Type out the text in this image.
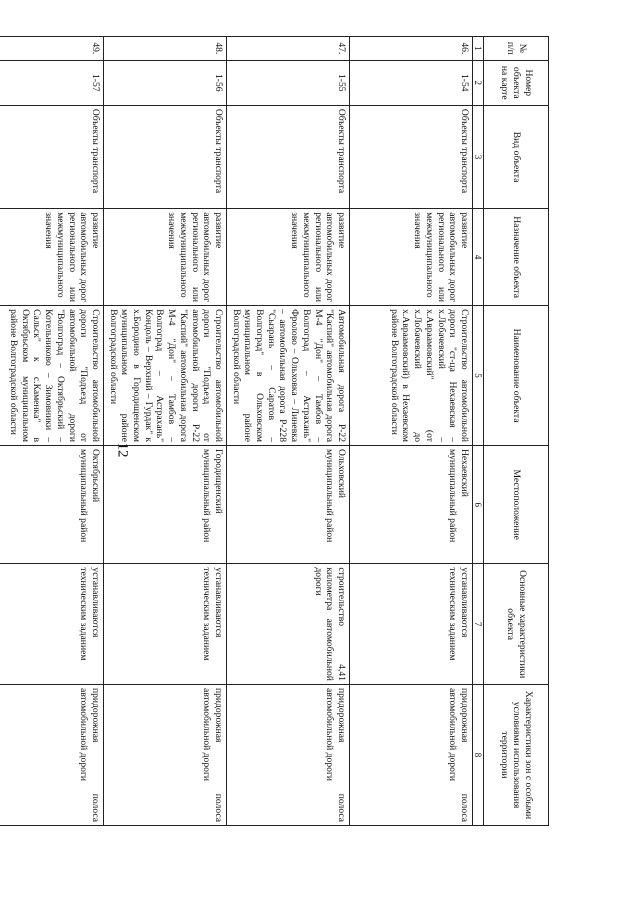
12
№ п/п	Номер объекта на карте	Вид объекта	Назначение объекта	Наименование объекта	Местоположение	Основные характеристики объекта	Характеристики зон с особыми условиями использования территории
1	2	3	4	5	6	7	8
46.	1-54	Объекты транспорта	развитие автомобильных дорог регионального или межмуниципального значения	Строительство автомобильной дороги "ст-ца Нехаевская – х.Лобачевский – х.Авраамовский" (от х.Лобачевский до х.Авраамовский) в Нехаевском районе Волгоградской области	Нехаевский муниципальный район	устанавливаются техническим заданием	придорожная полоса автомобильной дороги
47.	1-55	Объекты транспорта	развитие автомобильных дорог регионального или межмуниципального значения	Автомобильная дорога Р-22 "Каспий" автомобильная дорога М-4 "Дон" – Тамбов – Волгоград – Астрахань" Фролово – Ольховка – Линевка – автомобильная дорога Р-228 "Сызрань – Саратов – Волгоград" в Ольховском муниципальном районе Волгоградской области	Ольховский муниципальный район	строительство 4,41 километра автомобильной дороги	придорожная полоса автомобильной дороги
48.	1-56	Объекты транспорта	развитие автомобильных дорог регионального или межмуниципального значения	Строительство автомобильной дороги "Подъезд от автомобильной дороги Р-22 "Каспий" автомобильная дорога М-4 "Дон" – Тамбов – Волгоград – Астрахань" Кондоль – Верхний – Гурдак" к х.Бородино в Городищенском муниципальном районе Волгоградской области	Городищенский муниципальный район	устанавливаются техническим заданием	придорожная полоса автомобильной дороги
49.	1-57	Объекты транспорта	развитие автомобильных дорог регионального или межмуниципального значения	Строительство автомобильной дороги "Подъезд от автомобильной дороги "Волгоград – Октябрьский – Котельниково – Зимовники – Сальск" к с.Каменка" в Октябрьском муниципальном районе Волгоградской области	Октябрьский муниципальный район	устанавливаются техническим заданием	придорожная полоса автомобильной дороги
